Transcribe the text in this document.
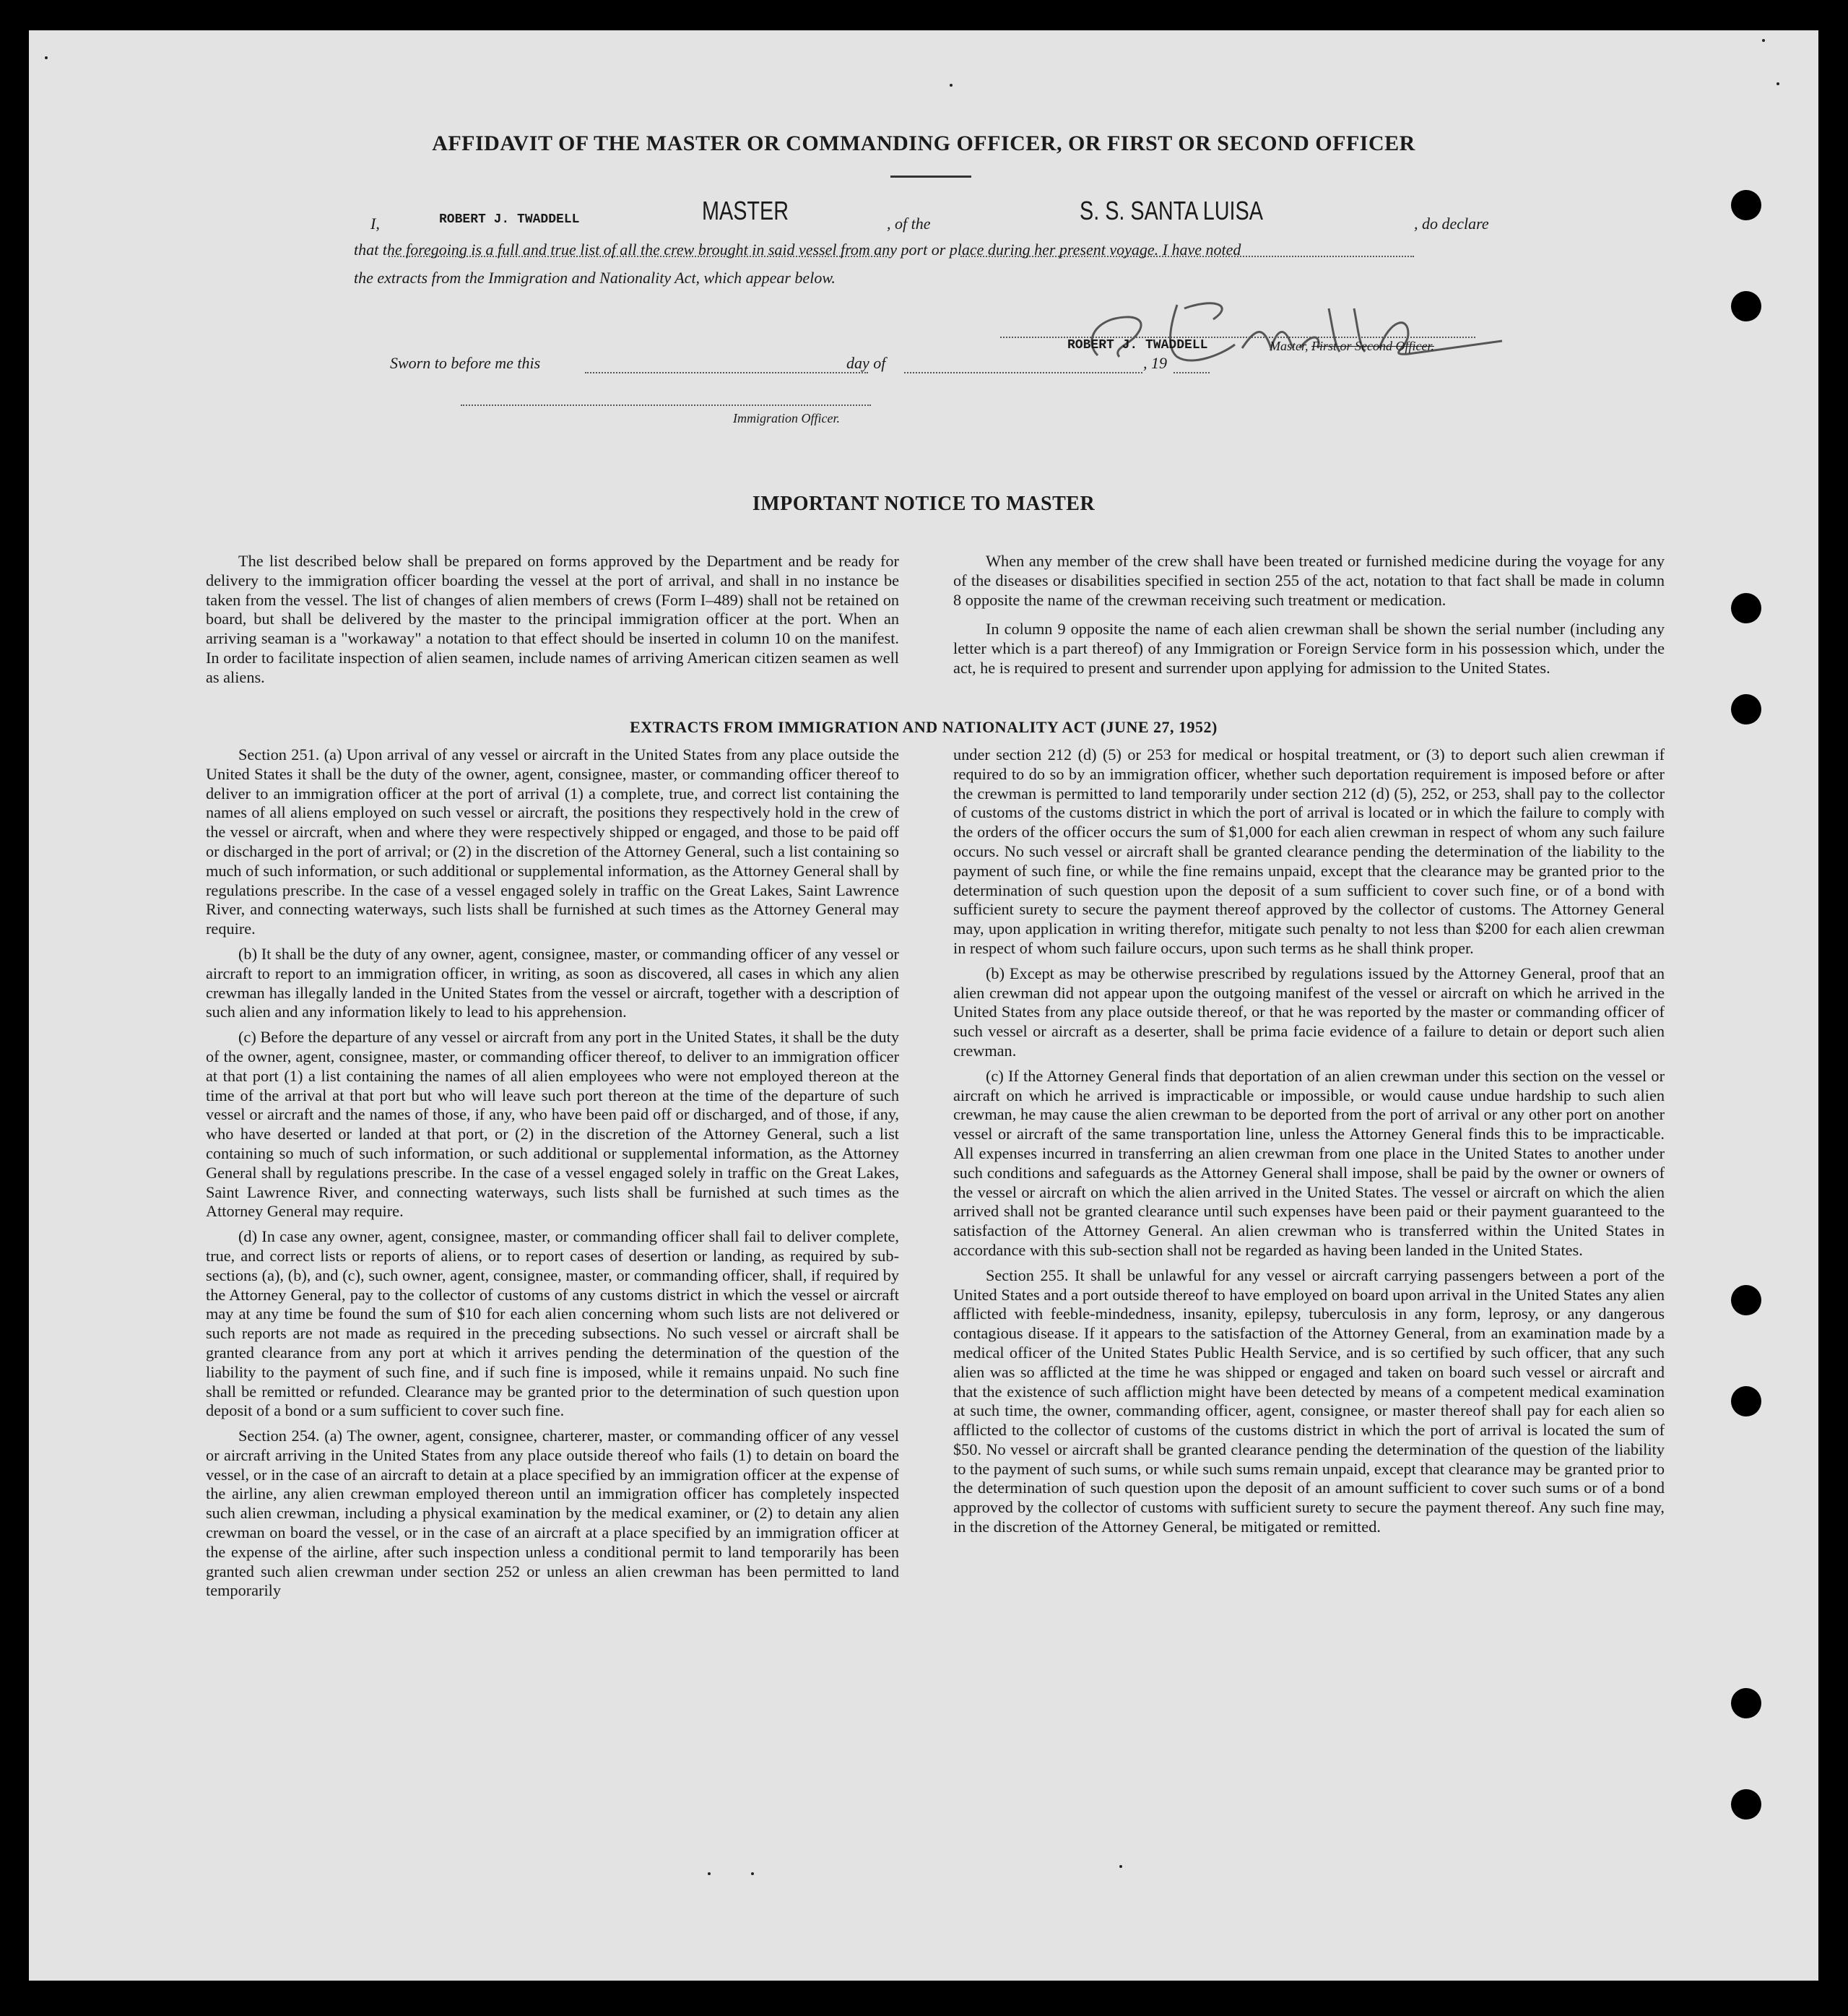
AFFIDAVIT OF THE MASTER OR COMMANDING OFFICER, OR FIRST OR SECOND OFFICER
I,	ROBERT J. TWADDELL	MASTER	, of the	S. S. SANTA LUISA	, do declare
that the foregoing is a full and true list of all the crew brought in said vessel from any port or place during her present voyage. I have noted
the extracts from the Immigration and Nationality Act, which appear below.
ROBERT J. TWADDELL	Master, First or Second Officer.
Sworn to before me this	day of	, 19
Immigration Officer.
IMPORTANT NOTICE TO MASTER

The list described below shall be prepared on forms approved by the Department and be ready for delivery to the immigration officer boarding the vessel at the port of arrival, and shall in no instance be taken from the vessel. The list of changes of alien members of crews (Form I–489) shall not be retained on board, but shall be delivered by the master to the principal immigration officer at the port. When an arriving seaman is a "workaway" a notation to that effect should be inserted in column 10 on the manifest. In order to facilitate inspection of alien seamen, include names of arriving American citizen seamen as well as aliens.

When any member of the crew shall have been treated or furnished medicine during the voyage for any of the diseases or disabilities specified in section 255 of the act, notation to that fact shall be made in column 8 opposite the name of the crewman receiving such treatment or medication.

In column 9 opposite the name of each alien crewman shall be shown the serial number (including any letter which is a part thereof) of any Immigration or Foreign Service form in his possession which, under the act, he is required to present and surrender upon applying for admission to the United States.

EXTRACTS FROM IMMIGRATION AND NATIONALITY ACT (JUNE 27, 1952)

Section 251. (a) Upon arrival of any vessel or aircraft in the United States from any place outside the United States it shall be the duty of the owner, agent, consignee, master, or commanding officer thereof to deliver to an immigration officer at the port of arrival (1) a complete, true, and correct list containing the names of all aliens employed on such vessel or aircraft, the positions they respectively hold in the crew of the vessel or aircraft, when and where they were respectively shipped or engaged, and those to be paid off or discharged in the port of arrival; or (2) in the discretion of the Attorney General, such a list containing so much of such information, or such additional or supplemental information, as the Attorney General shall by regulations prescribe. In the case of a vessel engaged solely in traffic on the Great Lakes, Saint Lawrence River, and connecting waterways, such lists shall be furnished at such times as the Attorney General may require.

(b) It shall be the duty of any owner, agent, consignee, master, or commanding officer of any vessel or aircraft to report to an immigration officer, in writing, as soon as discovered, all cases in which any alien crewman has illegally landed in the United States from the vessel or aircraft, together with a description of such alien and any information likely to lead to his apprehension.

(c) Before the departure of any vessel or aircraft from any port in the United States, it shall be the duty of the owner, agent, consignee, master, or commanding officer thereof, to deliver to an immigration officer at that port (1) a list containing the names of all alien employees who were not employed thereon at the time of the arrival at that port but who will leave such port thereon at the time of the departure of such vessel or aircraft and the names of those, if any, who have been paid off or discharged, and of those, if any, who have deserted or landed at that port, or (2) in the discretion of the Attorney General, such a list containing so much of such information, or such additional or supplemental information, as the Attorney General shall by regulations prescribe. In the case of a vessel engaged solely in traffic on the Great Lakes, Saint Lawrence River, and connecting waterways, such lists shall be furnished at such times as the Attorney General may require.

(d) In case any owner, agent, consignee, master, or commanding officer shall fail to deliver complete, true, and correct lists or reports of aliens, or to report cases of desertion or landing, as required by sub-sections (a), (b), and (c), such owner, agent, consignee, master, or commanding officer, shall, if required by the Attorney General, pay to the collector of customs of any customs district in which the vessel or aircraft may at any time be found the sum of $10 for each alien concerning whom such lists are not delivered or such reports are not made as required in the preceding subsections. No such vessel or aircraft shall be granted clearance from any port at which it arrives pending the determination of the question of the liability to the payment of such fine, and if such fine is imposed, while it remains unpaid. No such fine shall be remitted or refunded. Clearance may be granted prior to the determination of such question upon deposit of a bond or a sum sufficient to cover such fine.

Section 254. (a) The owner, agent, consignee, charterer, master, or commanding officer of any vessel or aircraft arriving in the United States from any place outside thereof who fails (1) to detain on board the vessel, or in the case of an aircraft to detain at a place specified by an immigration officer at the expense of the airline, any alien crewman employed thereon until an immigration officer has completely inspected such alien crewman, including a physical examination by the medical examiner, or (2) to detain any alien crewman on board the vessel, or in the case of an aircraft at a place specified by an immigration officer at the expense of the airline, after such inspection unless a conditional permit to land temporarily has been granted such alien crewman under section 252 or unless an alien crewman has been permitted to land temporarily

under section 212 (d) (5) or 253 for medical or hospital treatment, or (3) to deport such alien crewman if required to do so by an immigration officer, whether such deportation requirement is imposed before or after the crewman is permitted to land temporarily under section 212 (d) (5), 252, or 253, shall pay to the collector of customs of the customs district in which the port of arrival is located or in which the failure to comply with the orders of the officer occurs the sum of $1,000 for each alien crewman in respect of whom any such failure occurs. No such vessel or aircraft shall be granted clearance pending the determination of the liability to the payment of such fine, or while the fine remains unpaid, except that the clearance may be granted prior to the determination of such question upon the deposit of a sum sufficient to cover such fine, or of a bond with sufficient surety to secure the payment thereof approved by the collector of customs. The Attorney General may, upon application in writing therefor, mitigate such penalty to not less than $200 for each alien crewman in respect of whom such failure occurs, upon such terms as he shall think proper.

(b) Except as may be otherwise prescribed by regulations issued by the Attorney General, proof that an alien crewman did not appear upon the outgoing manifest of the vessel or aircraft on which he arrived in the United States from any place outside thereof, or that he was reported by the master or commanding officer of such vessel or aircraft as a deserter, shall be prima facie evidence of a failure to detain or deport such alien crewman.

(c) If the Attorney General finds that deportation of an alien crewman under this section on the vessel or aircraft on which he arrived is impracticable or impossible, or would cause undue hardship to such alien crewman, he may cause the alien crewman to be deported from the port of arrival or any other port on another vessel or aircraft of the same transportation line, unless the Attorney General finds this to be impracticable. All expenses incurred in transferring an alien crewman from one place in the United States to another under such conditions and safeguards as the Attorney General shall impose, shall be paid by the owner or owners of the vessel or aircraft on which the alien arrived in the United States. The vessel or aircraft on which the alien arrived shall not be granted clearance until such expenses have been paid or their payment guaranteed to the satisfaction of the Attorney General. An alien crewman who is transferred within the United States in accordance with this sub-section shall not be regarded as having been landed in the United States.

Section 255. It shall be unlawful for any vessel or aircraft carrying passengers between a port of the United States and a port outside thereof to have employed on board upon arrival in the United States any alien afflicted with feeble-mindedness, insanity, epilepsy, tuberculosis in any form, leprosy, or any dangerous contagious disease. If it appears to the satisfaction of the Attorney General, from an examination made by a medical officer of the United States Public Health Service, and is so certified by such officer, that any such alien was so afflicted at the time he was shipped or engaged and taken on board such vessel or aircraft and that the existence of such affliction might have been detected by means of a competent medical examination at such time, the owner, commanding officer, agent, consignee, or master thereof shall pay for each alien so afflicted to the collector of customs of the customs district in which the port of arrival is located the sum of $50. No vessel or aircraft shall be granted clearance pending the determination of the question of the liability to the payment of such sums, or while such sums remain unpaid, except that clearance may be granted prior to the determination of such question upon the deposit of an amount sufficient to cover such sums or of a bond approved by the collector of customs with sufficient surety to secure the payment thereof. Any such fine may, in the discretion of the Attorney General, be mitigated or remitted.
